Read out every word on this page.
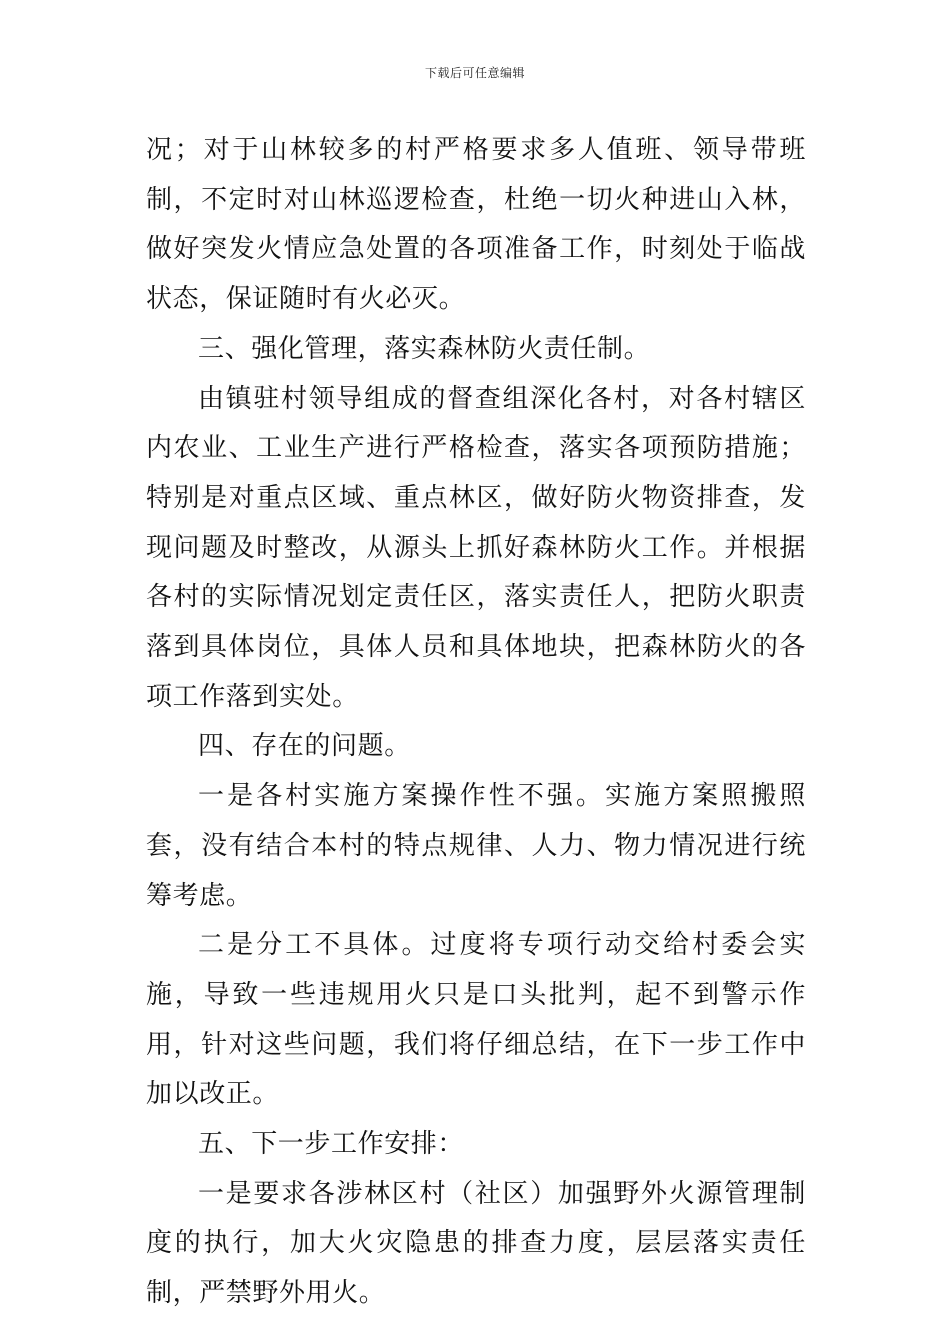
下载后可任意编辑

况；对于山林较多的村严格要求多人值班、领导带班制，不定时对山林巡逻检查，杜绝一切火种进山入林，做好突发火情应急处置的各项准备工作，时刻处于临战状态，保证随时有火必灭。

三、强化管理，落实森林防火责任制。

由镇驻村领导组成的督查组深化各村，对各村辖区内农业、工业生产进行严格检查，落实各项预防措施；特别是对重点区域、重点林区，做好防火物资排查，发现问题及时整改，从源头上抓好森林防火工作。并根据各村的实际情况划定责任区，落实责任人，把防火职责落到具体岗位，具体人员和具体地块，把森林防火的各项工作落到实处。

四、存在的问题。

一是各村实施方案操作性不强。实施方案照搬照套，没有结合本村的特点规律、人力、物力情况进行统筹考虑。

二是分工不具体。过度将专项行动交给村委会实施，导致一些违规用火只是口头批判，起不到警示作用，针对这些问题，我们将仔细总结，在下一步工作中加以改正。

五、下一步工作安排：

一是要求各涉林区村（社区）加强野外火源管理制度的执行，加大火灾隐患的排查力度，层层落实责任制，严禁野外用火。
